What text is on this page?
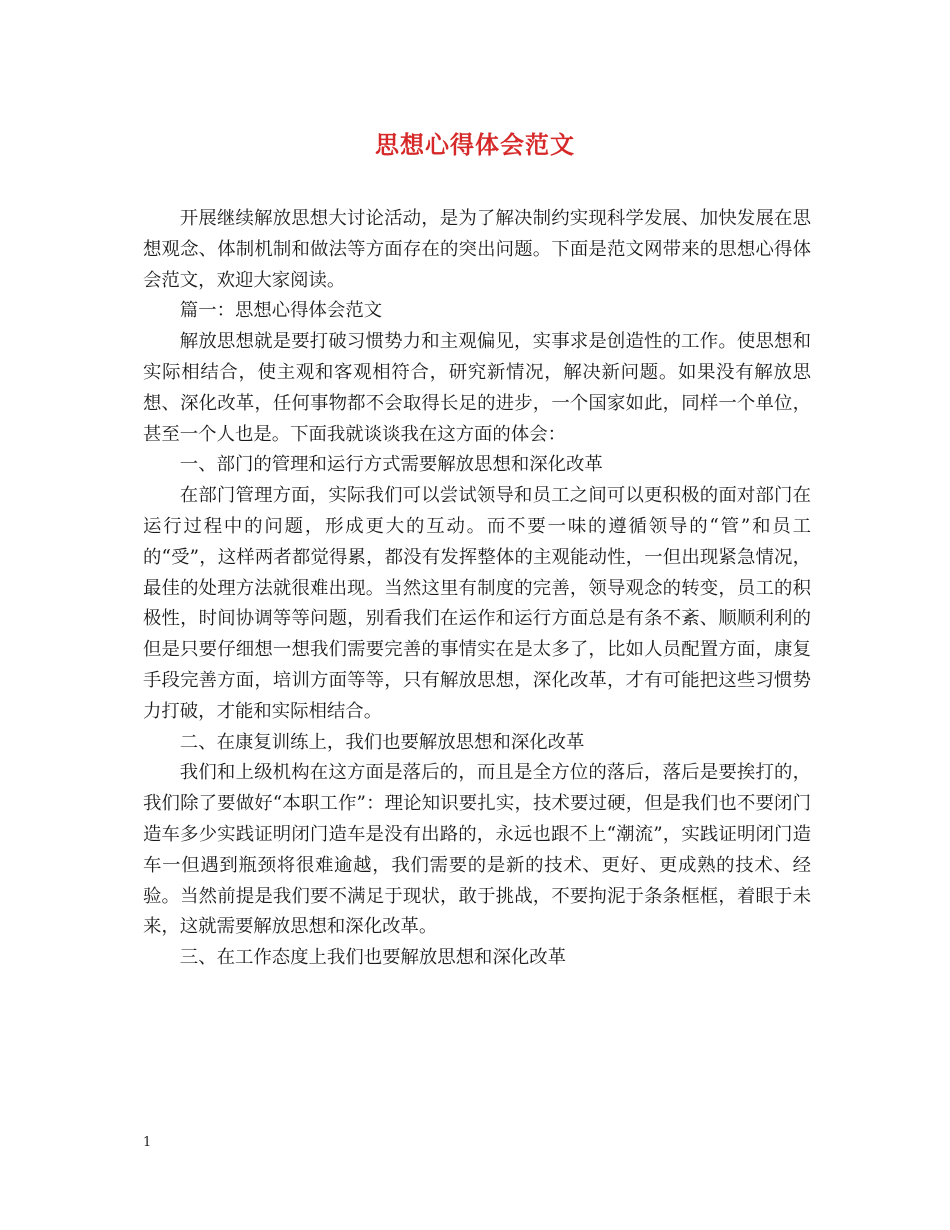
思想心得体会范文

开展继续解放思想大讨论活动，是为了解决制约实现科学发展、加快发展在思想观念、体制机制和做法等方面存在的突出问题。下面是范文网带来的思想心得体会范文，欢迎大家阅读。

篇一：思想心得体会范文

解放思想就是要打破习惯势力和主观偏见，实事求是创造性的工作。使思想和实际相结合，使主观和客观相符合，研究新情况，解决新问题。如果没有解放思想、深化改革，任何事物都不会取得长足的进步，一个国家如此，同样一个单位，甚至一个人也是。下面我就谈谈我在这方面的体会：

一、部门的管理和运行方式需要解放思想和深化改革

在部门管理方面，实际我们可以尝试领导和员工之间可以更积极的面对部门在运行过程中的问题，形成更大的互动。而不要一味的遵循领导的“管”和员工的“受”，这样两者都觉得累，都没有发挥整体的主观能动性，一但出现紧急情况，最佳的处理方法就很难出现。当然这里有制度的完善，领导观念的转变，员工的积极性，时间协调等等问题，别看我们在运作和运行方面总是有条不紊、顺顺利利的但是只要仔细想一想我们需要完善的事情实在是太多了，比如人员配置方面，康复手段完善方面，培训方面等等，只有解放思想，深化改革，才有可能把这些习惯势力打破，才能和实际相结合。

二、在康复训练上，我们也要解放思想和深化改革

我们和上级机构在这方面是落后的，而且是全方位的落后，落后是要挨打的，我们除了要做好“本职工作”：理论知识要扎实，技术要过硬，但是我们也不要闭门造车多少实践证明闭门造车是没有出路的，永远也跟不上“潮流”，实践证明闭门造车一但遇到瓶颈将很难逾越，我们需要的是新的技术、更好、更成熟的技术、经验。当然前提是我们要不满足于现状，敢于挑战，不要拘泥于条条框框，着眼于未来，这就需要解放思想和深化改革。

三、在工作态度上我们也要解放思想和深化改革

1
